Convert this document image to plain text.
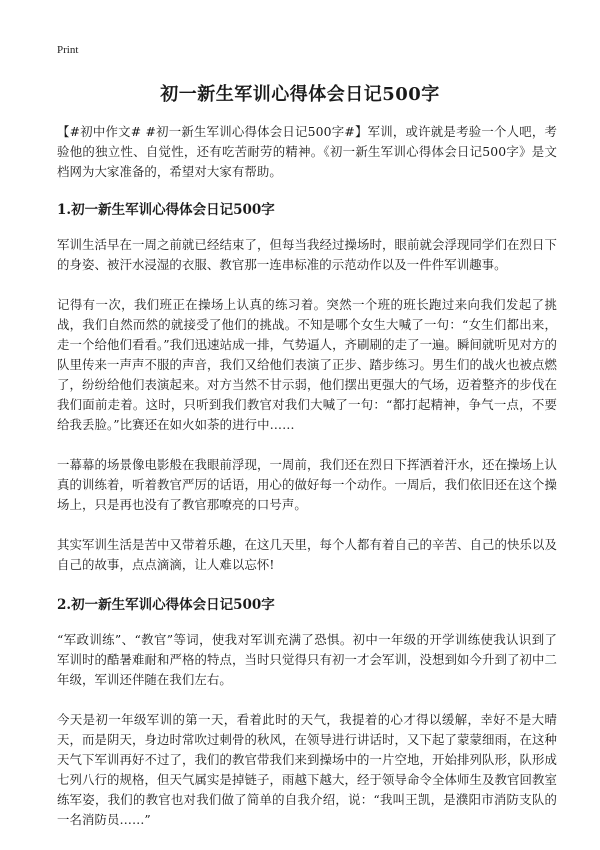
Print
初一新生军训心得体会日记500字

【#初中作文# #初一新生军训心得体会日记500字#】军训，或许就是考验一个人吧，考验他的独立性、自觉性，还有吃苦耐劳的精神。《初一新生军训心得体会日记500字》是文档网为大家准备的，希望对大家有帮助。

1.初一新生军训心得体会日记500字

军训生活早在一周之前就已经结束了，但每当我经过操场时，眼前就会浮现同学们在烈日下的身姿、被汗水浸湿的衣服、教官那一连串标准的示范动作以及一件件军训趣事。

记得有一次，我们班正在操场上认真的练习着。突然一个班的班长跑过来向我们发起了挑战，我们自然而然的就接受了他们的挑战。不知是哪个女生大喊了一句：“女生们都出来，走一个给他们看看。”我们迅速站成一排，气势逼人，齐刷刷的走了一遍。瞬间就听见对方的队里传来一声声不服的声音，我们又给他们表演了正步、踏步练习。男生们的战火也被点燃了，纷纷给他们表演起来。对方当然不甘示弱，他们摆出更强大的气场，迈着整齐的步伐在我们面前走着。这时，只听到我们教官对我们大喊了一句：“都打起精神，争气一点，不要给我丢脸。”比赛还在如火如荼的进行中……

一幕幕的场景像电影般在我眼前浮现，一周前，我们还在烈日下挥洒着汗水，还在操场上认真的训练着，听着教官严厉的话语，用心的做好每一个动作。一周后，我们依旧还在这个操场上，只是再也没有了教官那嘹亮的口号声。

其实军训生活是苦中又带着乐趣，在这几天里，每个人都有着自己的辛苦、自己的快乐以及自己的故事，点点滴滴，让人难以忘怀!

2.初一新生军训心得体会日记500字

“军政训练”、“教官”等词，使我对军训充满了恐惧。初中一年级的开学训练使我认识到了军训时的酷暑难耐和严格的特点，当时只觉得只有初一才会军训，没想到如今升到了初中二年级，军训还伴随在我们左右。

今天是初一年级军训的第一天，看着此时的天气，我提着的心才得以缓解，幸好不是大晴天，而是阴天，身边时常吹过刺骨的秋风，在领导进行讲话时，又下起了蒙蒙细雨，在这种天气下军训再好不过了，我们的教官带我们来到操场中的一片空地，开始排列队形，队形成七列八行的规格，但天气属实是掉链子，雨越下越大，经于领导命令全体师生及教官回教室练军姿，我们的教官也对我们做了简单的自我介绍，说：“我叫王凯，是濮阳市消防支队的一名消防员……”
